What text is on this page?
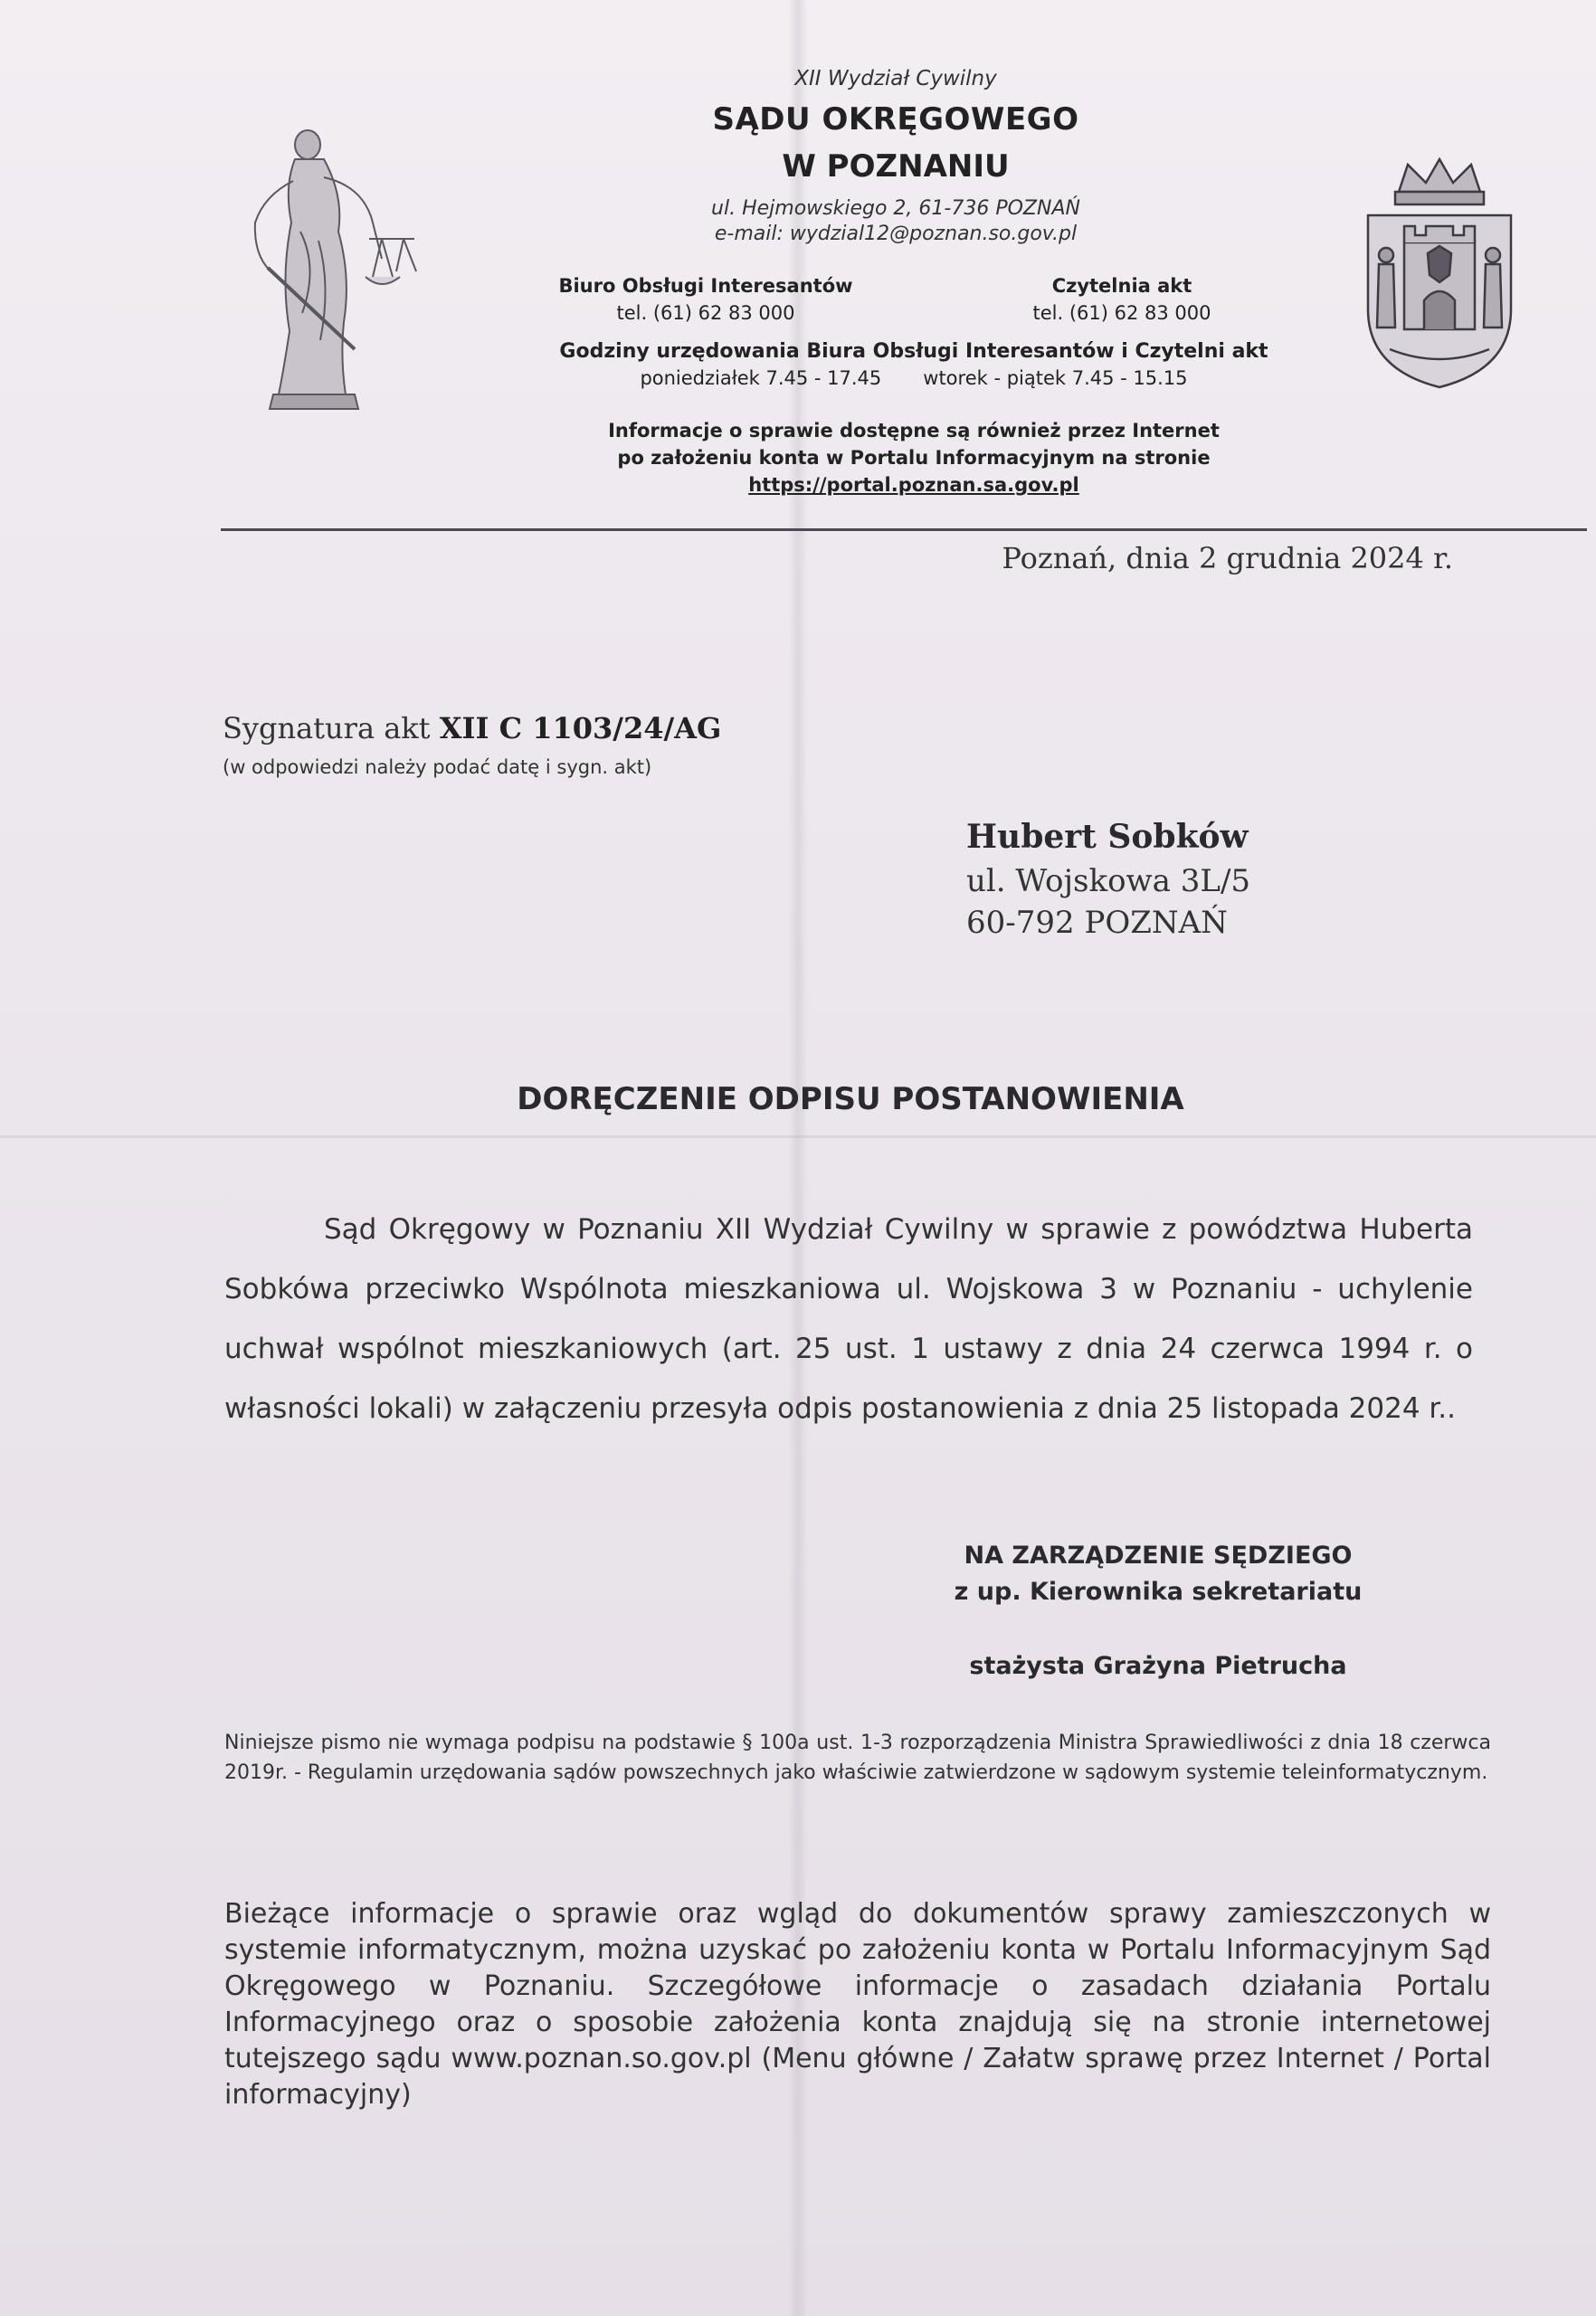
XII Wydział Cywilny
SĄDU OKRĘGOWEGO
W POZNANIU
ul. Hejmowskiego 2, 61-736 POZNAŃ
e-mail: wydzial12@poznan.so.gov.pl
Biuro Obsługi Interesantów
tel. (61) 62 83 000
Czytelnia akt
tel. (61) 62 83 000
Godziny urzędowania Biura Obsługi Interesantów i Czytelni akt
poniedziałek 7.45 - 17.45 wtorek - piątek 7.45 - 15.15
Informacje o sprawie dostępne są również przez Internet
po założeniu konta w Portalu Informacyjnym na stronie
https://portal.poznan.sa.gov.pl
Poznań, dnia 2 grudnia 2024 r.
Sygnatura akt XII C 1103/24/AG
(w odpowiedzi należy podać datę i sygn. akt)
Hubert Sobków
ul. Wojskowa 3L/5
60-792 POZNAŃ
DORĘCZENIE ODPISU POSTANOWIENIA
Sąd Okręgowy w Poznaniu XII Wydział Cywilny w sprawie z powództwa Huberta Sobkówa przeciwko Wspólnota mieszkaniowa ul. Wojskowa 3 w Poznaniu - uchylenie uchwał wspólnot mieszkaniowych (art. 25 ust. 1 ustawy z dnia 24 czerwca 1994 r. o własności lokali) w załączeniu przesyła odpis postanowienia z dnia 25 listopada 2024 r..
NA ZARZĄDZENIE SĘDZIEGO
z up. Kierownika sekretariatu
stażysta Grażyna Pietrucha
Niniejsze pismo nie wymaga podpisu na podstawie § 100a ust. 1-3 rozporządzenia Ministra Sprawiedliwości z dnia 18 czerwca 2019r. - Regulamin urzędowania sądów powszechnych jako właściwie zatwierdzone w sądowym systemie teleinformatycznym.
Bieżące informacje o sprawie oraz wgląd do dokumentów sprawy zamieszczonych w systemie informatycznym, można uzyskać po założeniu konta w Portalu Informacyjnym Sąd Okręgowego w Poznaniu. Szczegółowe informacje o zasadach działania Portalu Informacyjnego oraz o sposobie założenia konta znajdują się na stronie internetowej tutejszego sądu www.poznan.so.gov.pl (Menu główne / Załatw sprawę przez Internet / Portal informacyjny)
